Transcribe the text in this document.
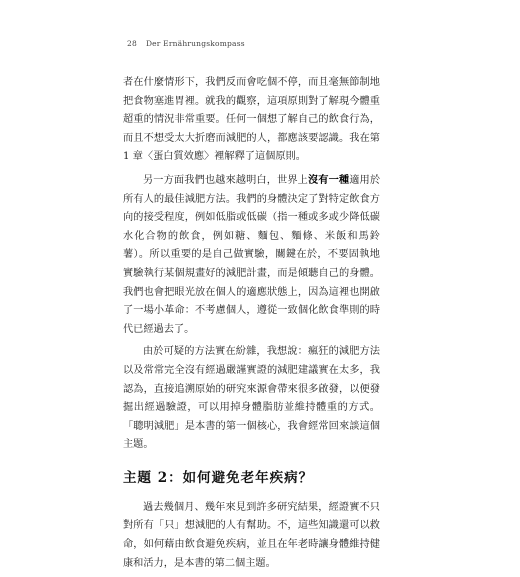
28 Der Ernährungskompass

者在什麼情形下，我們反而會吃個不停，而且毫無節制地把食物塞進胃裡。就我的觀察，這項原則對了解現今體重超重的情況非常重要。任何一個想了解自己的飲食行為，而且不想受太大折磨而減肥的人，都應該要認識。我在第 1 章〈蛋白質效應〉裡解釋了這個原則。

另一方面我們也越來越明白，世界上沒有一種適用於所有人的最佳減肥方法。我們的身體決定了對特定飲食方向的接受程度，例如低脂或低碳（指一種或多或少降低碳水化合物的飲食，例如糖、麵包、麵條、米飯和馬鈴薯）。所以重要的是自己做實驗，關鍵在於，不要固執地實驗執行某個規畫好的減肥計畫，而是傾聽自己的身體。我們也會把眼光放在個人的適應狀態上，因為這裡也開啟了一場小革命：不考慮個人，遵從一致個化飲食準則的時代已經過去了。

由於可疑的方法實在紛雜，我想說：瘋狂的減肥方法以及常常完全沒有經過嚴謹實證的減肥建議實在太多，我認為，直接追溯原始的研究來源會帶來很多啟發，以便發掘出經過驗證，可以用掉身體脂肪並維持體重的方式。「聰明減肥」是本書的第一個核心，我會經常回來談這個主題。

主題 2：如何避免老年疾病？

過去幾個月、幾年來見到許多研究結果，經證實不只對所有「只」想減肥的人有幫助。不，這些知識還可以救命，如何藉由飲食避免疾病，並且在年老時讓身體維持健康和活力，是本書的第二個主題。
